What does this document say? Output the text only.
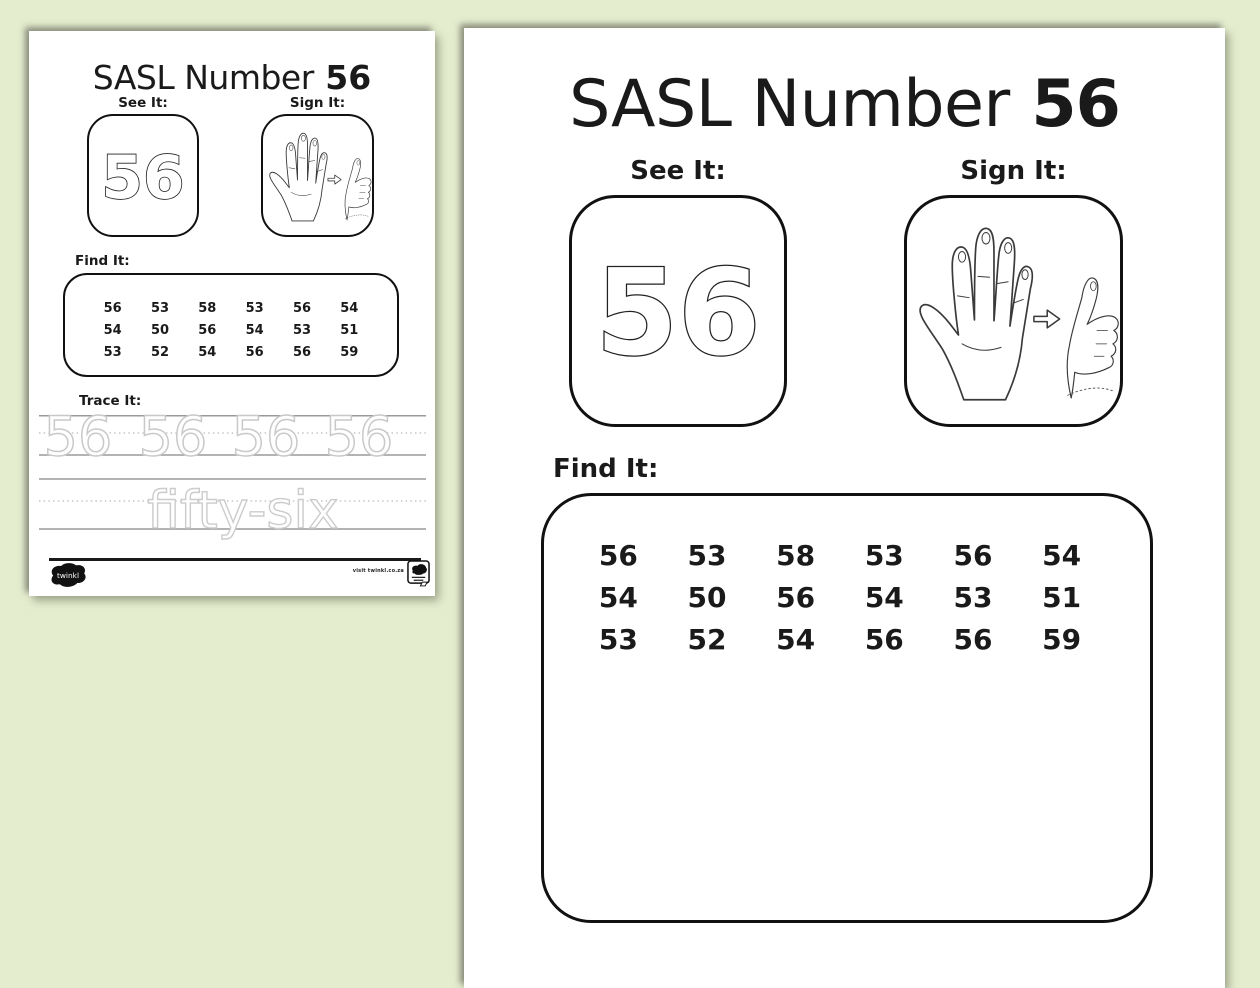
SASL Number 56
See It:	Sign It:
56
Find It:
56	53	58	53	56	54
54	50	56	54	53	51
53	52	54	56	56	59
Trace It:
56 56 56 56
fifty-six
twinkl
visit twinkl.co.za
SASL Number 56
See It:	Sign It:
56
Find It:
56	53	58	53	56	54
54	50	56	54	53	51
53	52	54	56	56	59
